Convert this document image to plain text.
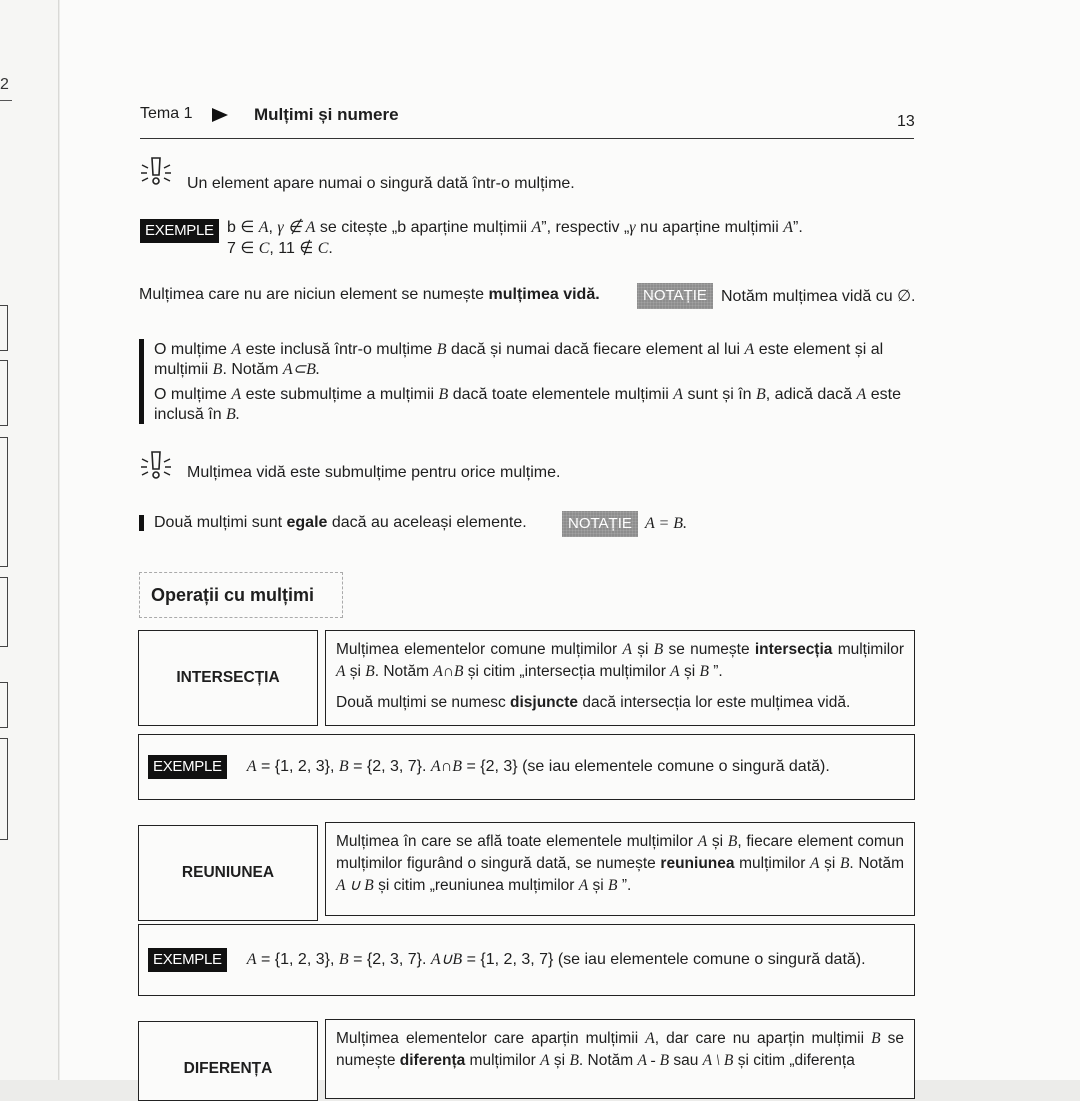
2
Tema 1	Mulțimi și numere	13
Un element apare numai o singură dată într-o mulțime.
EXEMPLE b ∈ A, γ ∉ A se citește „b aparține mulțimii A”, respectiv „γ nu aparține mulțimii A”.
7 ∈ C, 11 ∉ C.
Mulțimea care nu are niciun element se numește mulțimea vidă.	NOTAȚIE Notăm mulțimea vidă cu ∅.
O mulțime A este inclusă într-o mulțime B dacă și numai dacă fiecare element al lui A este element și al
mulțimii B. Notăm A⊂B.
O mulțime A este submulțime a mulțimii B dacă toate elementele mulțimii A sunt și în B, adică dacă A este
inclusă în B.
Mulțimea vidă este submulțime pentru orice mulțime.
Două mulțimi sunt egale dacă au aceleași elemente.	NOTAȚIE A = B.
Operații cu mulțimi
INTERSECȚIA

Mulțimea elementelor comune mulțimilor A și B se numește intersecția mulțimilor A și B. Notăm A∩B și citim „intersecția mulțimilor A și B ”.

Două mulțimi se numesc disjuncte dacă intersecția lor este mulțimea vidă.

EXEMPLE	A = {1, 2, 3}, B = {2, 3, 7}. A∩B = {2, 3} (se iau elementele comune o singură dată).
REUNIUNEA

Mulțimea în care se află toate elementele mulțimilor A și B, fiecare element comun mulțimilor figurând o singură dată, se numește reuniunea mulțimilor A și B. Notăm A ∪ B și citim „reuniunea mulțimilor A și B ”.

EXEMPLE	A = {1, 2, 3}, B = {2, 3, 7}. A∪B = {1, 2, 3, 7} (se iau elementele comune o singură dată).
DIFERENȚA

Mulțimea elementelor care aparțin mulțimii A, dar care nu aparțin mulțimii B se numește diferența mulțimilor A și B. Notăm A - B sau A \ B și citim „diferența
